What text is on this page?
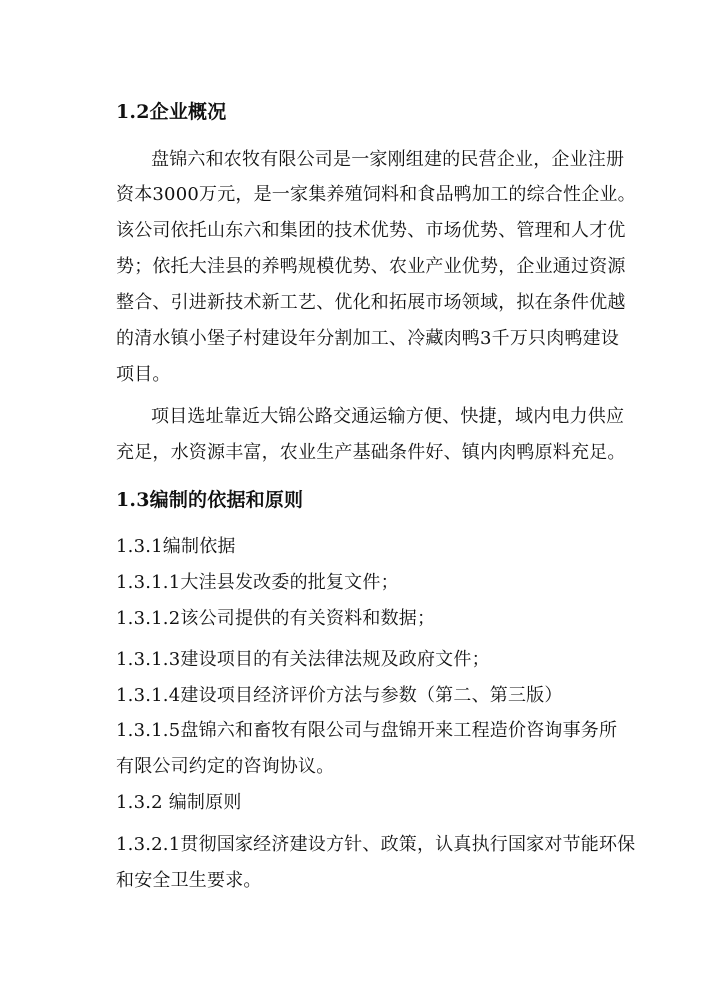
1.2企业概况
盘锦六和农牧有限公司是一家刚组建的民营企业，企业注册
资本3000万元，是一家集养殖饲料和食品鸭加工的综合性企业。
该公司依托山东六和集团的技术优势、市场优势、管理和人才优
势；依托大洼县的养鸭规模优势、农业产业优势，企业通过资源
整合、引进新技术新工艺、优化和拓展市场领域，拟在条件优越
的清水镇小堡子村建设年分割加工、冷藏肉鸭3千万只肉鸭建设
项目。
项目选址靠近大锦公路交通运输方便、快捷，域内电力供应
充足，水资源丰富，农业生产基础条件好、镇内肉鸭原料充足。
1.3编制的依据和原则
1.3.1编制依据
1.3.1.1大洼县发改委的批复文件；
1.3.1.2该公司提供的有关资料和数据；
1.3.1.3建设项目的有关法律法规及政府文件；
1.3.1.4建设项目经济评价方法与参数（第二、第三版）
1.3.1.5盘锦六和畜牧有限公司与盘锦开来工程造价咨询事务所
有限公司约定的咨询协议。
1.3.2 编制原则
1.3.2.1贯彻国家经济建设方针、政策，认真执行国家对节能环保
和安全卫生要求。
